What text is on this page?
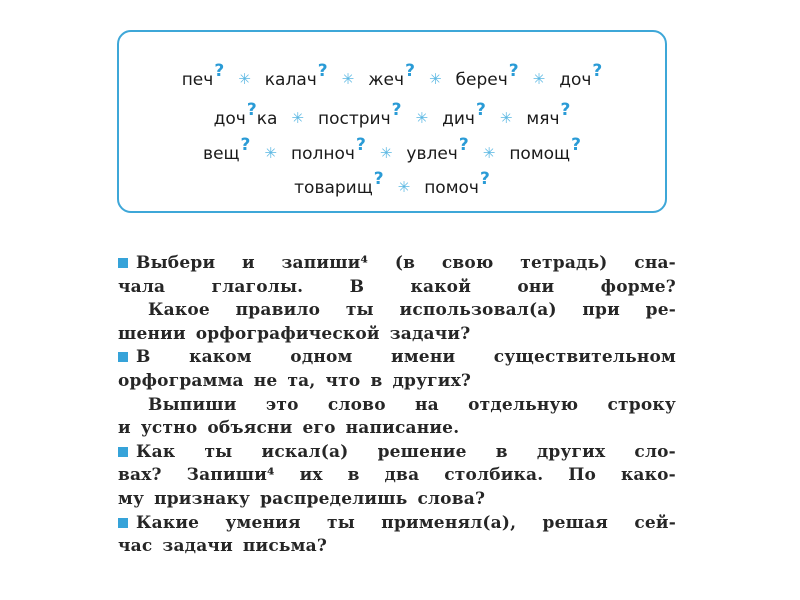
печ ? ✳ калач ? ✳ жеч ? ✳ береч ? ✳ доч ?
доч ? ка ✳ пострич ? ✳ дич ? ✳ мяч ?
вещ ? ✳ полноч ? ✳ увлеч ? ✳ помощ ?
товарищ ? ✳ помоч ?
Выбери и запиши⁴ (в свою тетрадь) сна-
чала	глаголы.	В	какой	они	форме?
Какое правило ты использовал(а) при ре-
шении орфографической задачи?
В каком одном имени существительном
орфограмма не та, что в других?
Выпиши это слово на отдельную строку
и устно объясни его написание.
Как ты искал(а) решение в других сло-
вах? Запиши⁴ их в два столбика. По како-
му признаку распределишь слова?
Какие умения ты применял(а), решая сей-
час задачи письма?
